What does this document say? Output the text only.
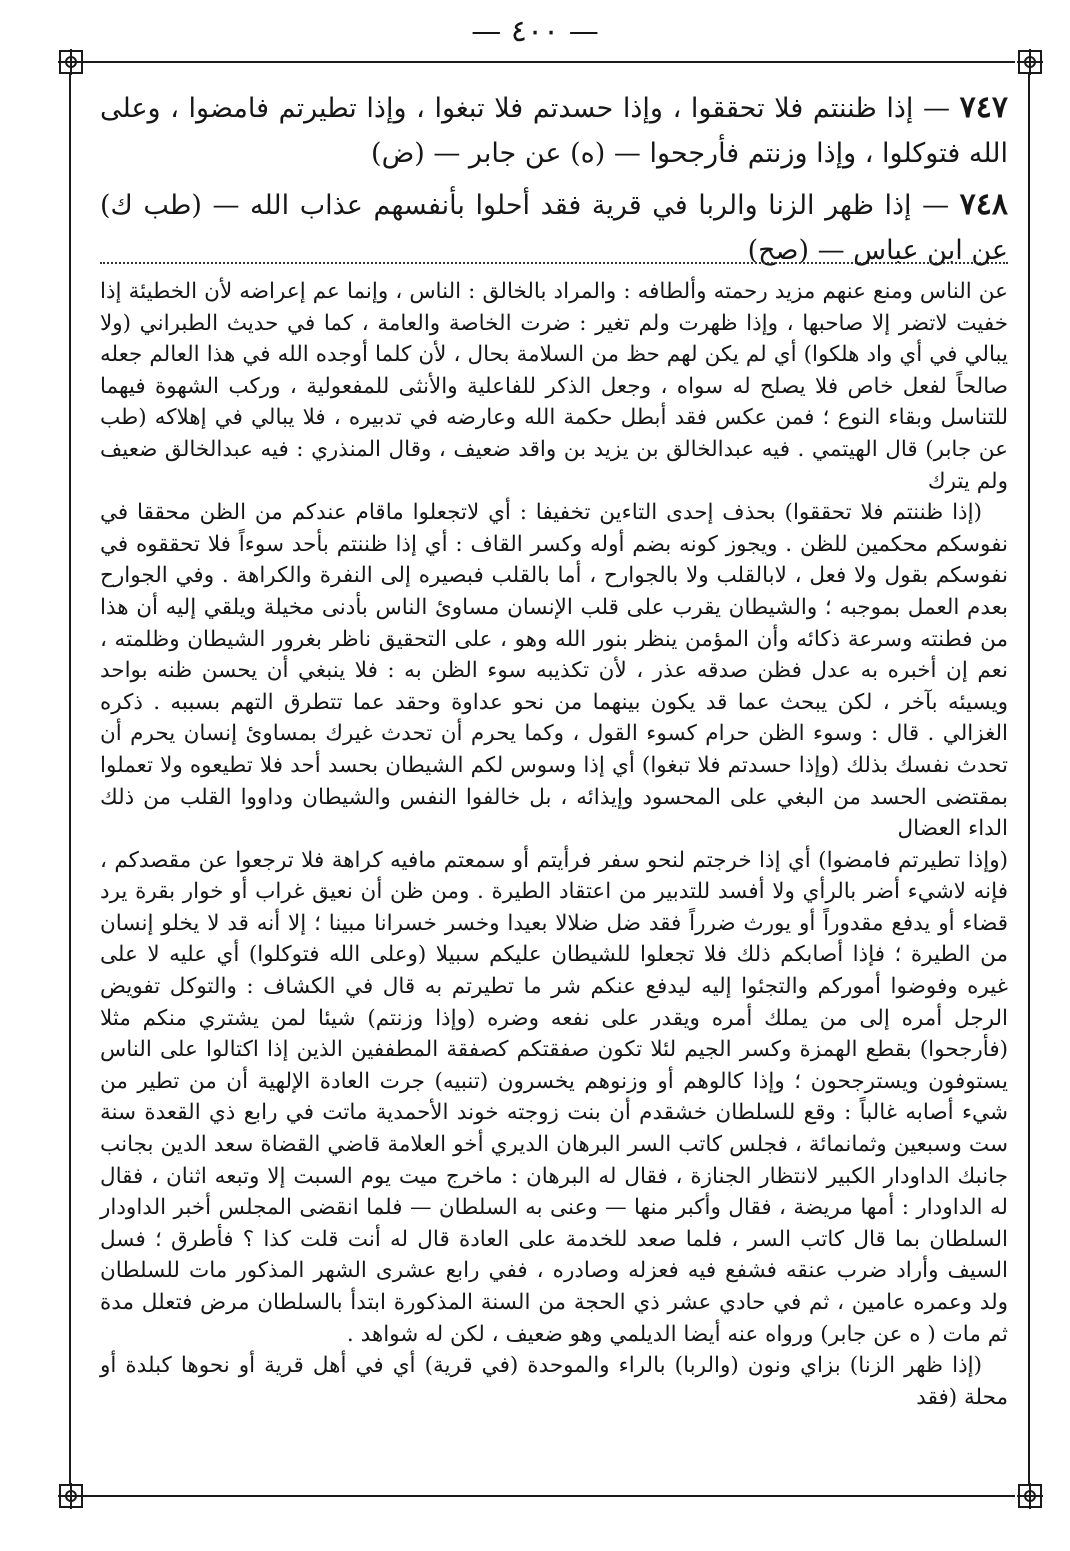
— ٤٠٠ —

٧٤٧ — إذا ظننتم فلا تحققوا ، وإذا حسدتم فلا تبغوا ، وإذا تطيرتم فامضوا ، وعلى الله فتوكلوا ، وإذا وزنتم فأرجحوا — (ه) عن جابر — (ض)

٧٤٨ — إذا ظهر الزنا والربا في قرية فقد أحلوا بأنفسهم عذاب الله — (طب ك) عن ابن عباس — (صح)

عن الناس ومنع عنهم مزيد رحمته وألطافه : والمراد بالخالق : الناس ، وإنما عم إعراضه لأن الخطيئة إذا خفيت لاتضر إلا صاحبها ، وإذا ظهرت ولم تغير : ضرت الخاصة والعامة ، كما في حديث الطبراني (ولا يبالي في أي واد هلكوا) أي لم يكن لهم حظ من السلامة بحال ، لأن كلما أوجده الله في هذا العالم جعله صالحاً لفعل خاص فلا يصلح له سواه ، وجعل الذكر للفاعلية والأنثى للمفعولية ، وركب الشهوة فيهما للتناسل وبقاء النوع ؛ فمن عكس فقد أبطل حكمة الله وعارضه في تدبيره ، فلا يبالي في إهلاكه (طب عن جابر) قال الهيتمي . فيه عبدالخالق بن يزيد بن واقد ضعيف ، وقال المنذري : فيه عبدالخالق ضعيف ولم يترك

(إذا ظننتم فلا تحققوا) بحذف إحدى التاءين تخفيفا : أي لاتجعلوا ماقام عندكم من الظن محققا في نفوسكم محكمين للظن . ويجوز كونه بضم أوله وكسر القاف : أي إذا ظننتم بأحد سوءاً فلا تحققوه في نفوسكم بقول ولا فعل ، لابالقلب ولا بالجوارح ، أما بالقلب فبصيره إلى النفرة والكراهة . وفي الجوارح بعدم العمل بموجبه ؛ والشيطان يقرب على قلب الإنسان مساوئ الناس بأدنى مخيلة ويلقي إليه أن هذا من فطنته وسرعة ذكائه وأن المؤمن ينظر بنور الله وهو ، على التحقيق ناظر بغرور الشيطان وظلمته ، نعم إن أخبره به عدل فظن صدقه عذر ، لأن تكذيبه سوء الظن به : فلا ينبغي أن يحسن ظنه بواحد ويسيئه بآخر ، لكن يبحث عما قد يكون بينهما من نحو عداوة وحقد عما تتطرق التهم بسببه . ذكره الغزالي . قال : وسوء الظن حرام كسوء القول ، وكما يحرم أن تحدث غيرك بمساوئ إنسان يحرم أن تحدث نفسك بذلك (وإذا حسدتم فلا تبغوا) أي إذا وسوس لكم الشيطان بحسد أحد فلا تطيعوه ولا تعملوا بمقتضى الحسد من البغي على المحسود وإيذائه ، بل خالفوا النفس والشيطان وداووا القلب من ذلك الداء العضال

(وإذا تطيرتم فامضوا) أي إذا خرجتم لنحو سفر فرأيتم أو سمعتم مافيه كراهة فلا ترجعوا عن مقصدكم ، فإنه لاشيء أضر بالرأي ولا أفسد للتدبير من اعتقاد الطيرة . ومن ظن أن نعيق غراب أو خوار بقرة يرد قضاء أو يدفع مقدوراً أو يورث ضرراً فقد ضل ضلالا بعيدا وخسر خسرانا مبينا ؛ إلا أنه قد لا يخلو إنسان من الطيرة ؛ فإذا أصابكم ذلك فلا تجعلوا للشيطان عليكم سبيلا (وعلى الله فتوكلوا) أي عليه لا على غيره وفوضوا أموركم والتجئوا إليه ليدفع عنكم شر ما تطيرتم به قال في الكشاف : والتوكل تفويض الرجل أمره إلى من يملك أمره ويقدر على نفعه وضره (وإذا وزنتم) شيئا لمن يشتري منكم مثلا (فأرجحوا) بقطع الهمزة وكسر الجيم لئلا تكون صفقتكم كصفقة المطففين الذين إذا اكتالوا على الناس يستوفون ويسترجحون ؛ وإذا كالوهم أو وزنوهم يخسرون (تنبيه) جرت العادة الإلهية أن من تطير من شيء أصابه غالباً : وقع للسلطان خشقدم أن بنت زوجته خوند الأحمدية ماتت في رابع ذي القعدة سنة ست وسبعين وثمانمائة ، فجلس كاتب السر البرهان الديري أخو العلامة قاضي القضاة سعد الدين بجانب جانبك الداودار الكبير لانتظار الجنازة ، فقال له البرهان : ماخرج ميت يوم السبت إلا وتبعه اثنان ، فقال له الداودار : أمها مريضة ، فقال وأكبر منها — وعنى به السلطان — فلما انقضى المجلس أخبر الداودار السلطان بما قال كاتب السر ، فلما صعد للخدمة على العادة قال له أنت قلت كذا ؟ فأطرق ؛ فسل السيف وأراد ضرب عنقه فشفع فيه فعزله وصادره ، ففي رابع عشرى الشهر المذكور مات للسلطان ولد وعمره عامين ، ثم في حادي عشر ذي الحجة من السنة المذكورة ابتدأ بالسلطان مرض فتعلل مدة ثم مات ( ه عن جابر) ورواه عنه أيضا الديلمي وهو ضعيف ، لكن له شواهد .

(إذا ظهر الزنا) بزاي ونون (والربا) بالراء والموحدة (في قرية) أي في أهل قرية أو نحوها كبلدة أو محلة (فقد
